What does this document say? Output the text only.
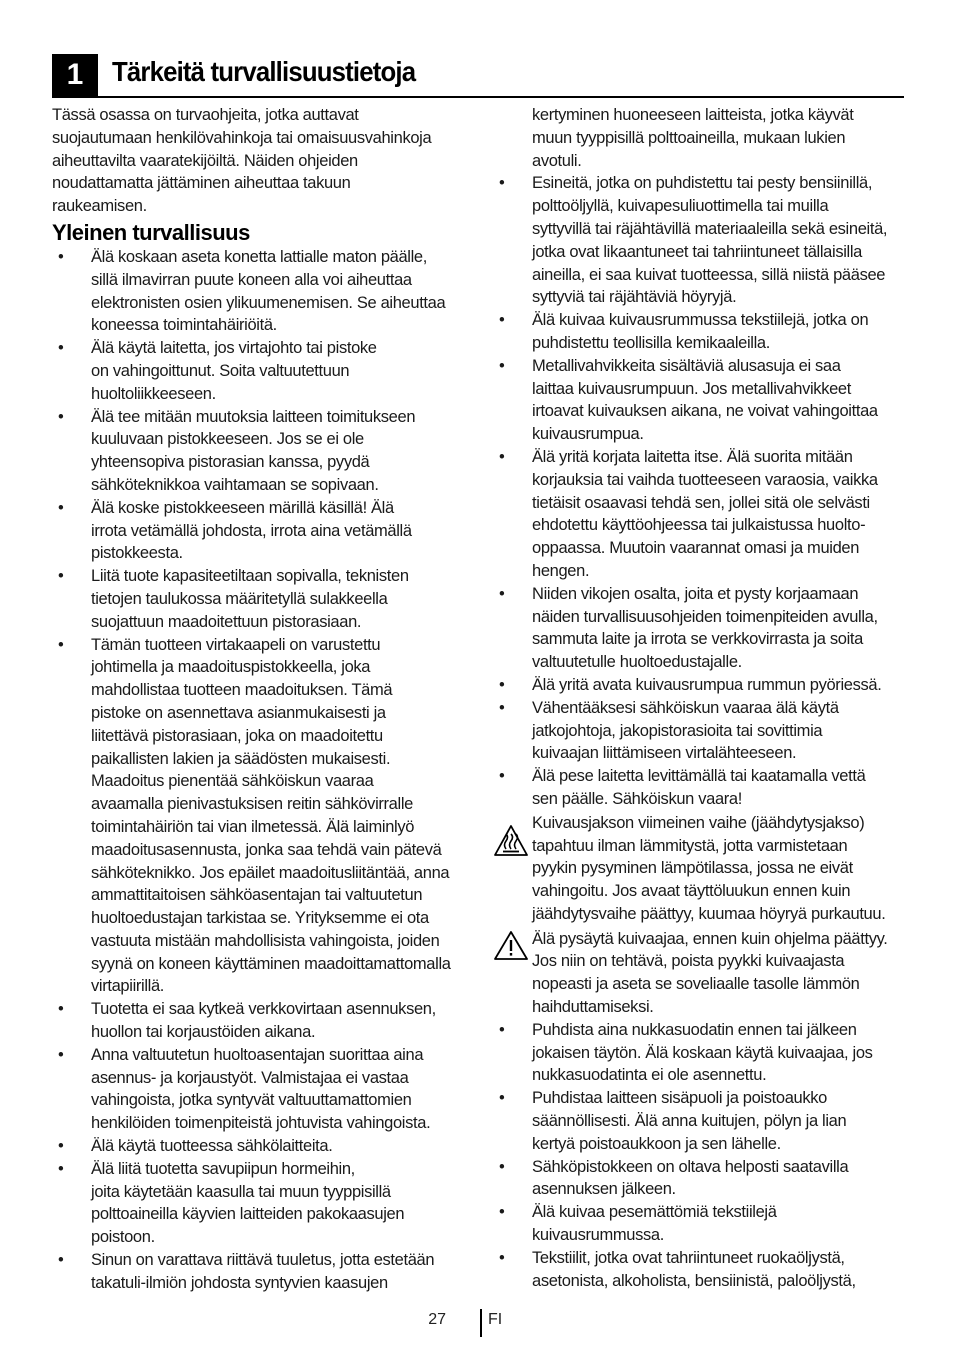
1	Tärkeitä turvallisuustietoja
Tässä osassa on turvaohjeita, jotka auttavat
suojautumaan henkilövahinkoja tai omaisuusvahinkoja
aiheuttavilta vaaratekijöiltä. Näiden ohjeiden
noudattamatta jättäminen aiheuttaa takuun
raukeamisen.
Yleinen turvallisuus
• Älä koskaan aseta konetta lattialle maton päälle,
sillä ilmavirran puute koneen alla voi aiheuttaa
elektronisten osien ylikuumenemisen. Se aiheuttaa
koneessa toimintahäiriöitä.
• Älä käytä laitetta, jos virtajohto tai pistoke
on vahingoittunut. Soita valtuutettuun
huoltoliikkeeseen.
• Älä tee mitään muutoksia laitteen toimitukseen
kuuluvaan pistokkeeseen. Jos se ei ole
yhteensopiva pistorasian kanssa, pyydä
sähköteknikkoa vaihtamaan se sopivaan.
• Älä koske pistokkeeseen märillä käsillä! Älä
irrota vetämällä johdosta, irrota aina vetämällä
pistokkeesta.
• Liitä tuote kapasiteetiltaan sopivalla, teknisten
tietojen taulukossa määritetyllä sulakkeella
suojattuun maadoitettuun pistorasiaan.
• Tämän tuotteen virtakaapeli on varustettu
johtimella ja maadoituspistokkeella, joka
mahdollistaa tuotteen maadoituksen. Tämä
pistoke on asennettava asianmukaisesti ja
liitettävä pistorasiaan, joka on maadoitettu
paikallisten lakien ja säädösten mukaisesti.
Maadoitus pienentää sähköiskun vaaraa
avaamalla pienivastuksisen reitin sähkövirralle
toimintahäiriön tai vian ilmetessä. Älä laiminlyö
maadoitusasennusta, jonka saa tehdä vain pätevä
sähköteknikko. Jos epäilet maadoitusliitäntää, anna
ammattitaitoisen sähköasentajan tai valtuutetun
huoltoedustajan tarkistaa se. Yrityksemme ei ota
vastuuta mistään mahdollisista vahingoista, joiden
syynä on koneen käyttäminen maadoittamattomalla
virtapiirillä.
• Tuotetta ei saa kytkeä verkkovirtaan asennuksen,
huollon tai korjaustöiden aikana.
• Anna valtuutetun huoltoasentajan suorittaa aina
asennus- ja korjaustyöt. Valmistajaa ei vastaa
vahingoista, jotka syntyvät valtuuttamattomien
henkilöiden toimenpiteistä johtuvista vahingoista.
• Älä käytä tuotteessa sähkölaitteita.
• Älä liitä tuotetta savupiipun hormeihin,
joita käytetään kaasulla tai muun tyyppisillä
polttoaineilla käyvien laitteiden pakokaasujen
poistoon.
• Sinun on varattava riittävä tuuletus, jotta estetään
takatuli-ilmiön johdosta syntyvien kaasujen
kertyminen huoneeseen laitteista, jotka käyvät
muun tyyppisillä polttoaineilla, mukaan lukien
avotuli.
• Esineitä, jotka on puhdistettu tai pesty bensiinillä,
polttoöljyllä, kuivapesuliuottimella tai muilla
syttyvillä tai räjähtävillä materiaaleilla sekä esineitä,
jotka ovat likaantuneet tai tahriintuneet tällaisilla
aineilla, ei saa kuivat tuotteessa, sillä niistä pääsee
syttyviä tai räjähtäviä höyryjä.
• Älä kuivaa kuivausrummussa tekstiilejä, jotka on
puhdistettu teollisilla kemikaaleilla.
• Metallivahvikkeita sisältäviä alusasuja ei saa
laittaa kuivausrumpuun. Jos metallivahvikkeet
irtoavat kuivauksen aikana, ne voivat vahingoittaa
kuivausrumpua.
• Älä yritä korjata laitetta itse. Älä suorita mitään
korjauksia tai vaihda tuotteeseen varaosia, vaikka
tietäisit osaavasi tehdä sen, jollei sitä ole selvästi
ehdotettu käyttöohjeessa tai julkaistussa huolto-
oppaassa. Muutoin vaarannat omasi ja muiden
hengen.
• Niiden vikojen osalta, joita et pysty korjaamaan
näiden turvallisuusohjeiden toimenpiteiden avulla,
sammuta laite ja irrota se verkkovirrasta ja soita
valtuutetulle huoltoedustajalle.
• Älä yritä avata kuivausrumpua rummun pyöriessä.
• Vähentääksesi sähköiskun vaaraa älä käytä
jatkojohtoja, jakopistorasioita tai sovittimia
kuivaajan liittämiseen virtalähteeseen.
• Älä pese laitetta levittämällä tai kaatamalla vettä
sen päälle. Sähköiskun vaara!
Kuivausjakson viimeinen vaihe (jäähdytysjakso)
tapahtuu ilman lämmitystä, jotta varmistetaan
pyykin pysyminen lämpötilassa, jossa ne eivät
vahingoitu. Jos avaat täyttöluukun ennen kuin
jäähdytysvaihe päättyy, kuumaa höyryä purkautuu.
Älä pysäytä kuivaajaa, ennen kuin ohjelma päättyy.
Jos niin on tehtävä, poista pyykki kuivaajasta
nopeasti ja aseta se soveliaalle tasolle lämmön
haihduttamiseksi.
• Puhdista aina nukkasuodatin ennen tai jälkeen
jokaisen täytön. Älä koskaan käytä kuivaajaa, jos
nukkasuodatinta ei ole asennettu.
• Puhdistaa laitteen sisäpuoli ja poistoaukko
säännöllisesti. Älä anna kuitujen, pölyn ja lian
kertyä poistoaukkoon ja sen lähelle.
• Sähköpistokkeen on oltava helposti saatavilla
asennuksen jälkeen.
• Älä kuivaa pesemättömiä tekstiilejä
kuivausrummussa.
• Tekstiilit, jotka ovat tahriintuneet ruokaöljystä,
asetonista, alkoholista, bensiinistä, paloöljystä,
27	FI
